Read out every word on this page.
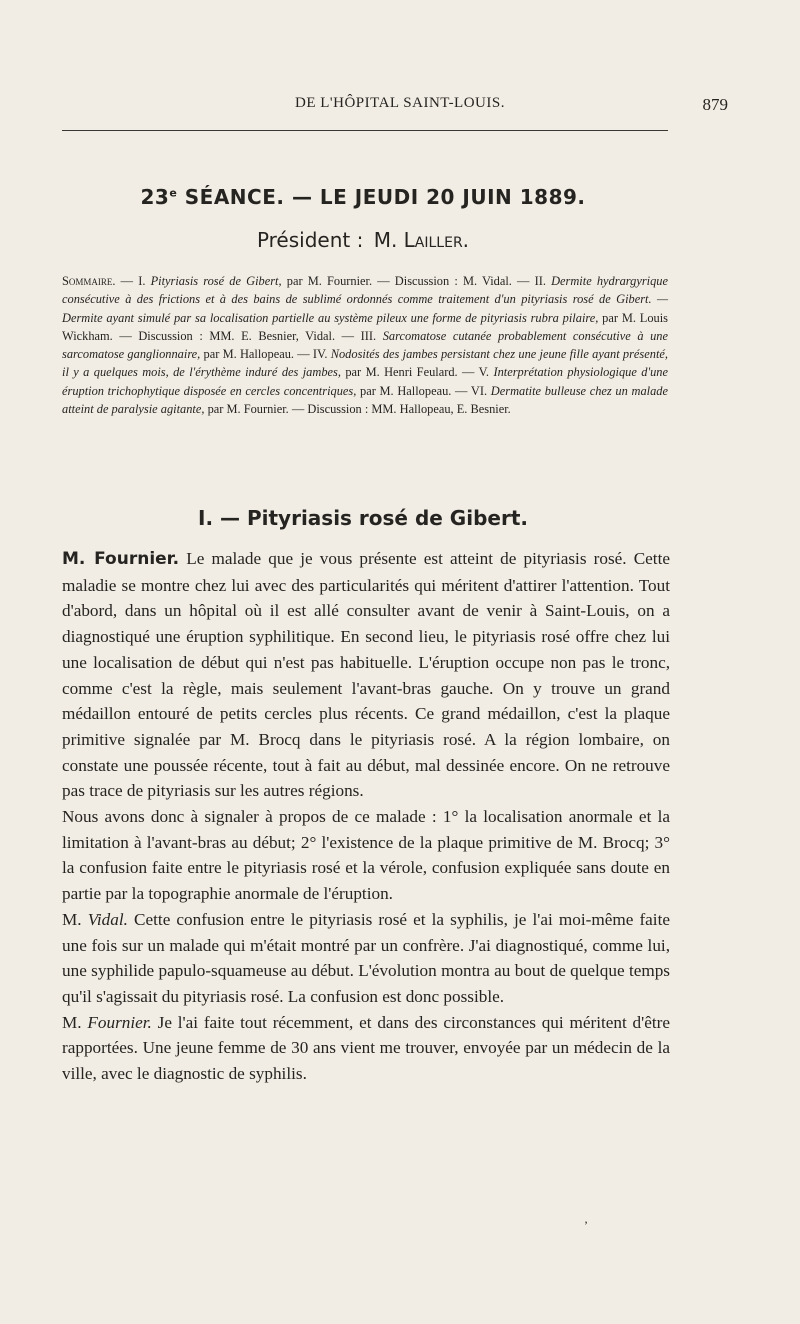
DE L'HÔPITAL SAINT-LOUIS.	879
23e SÉANCE. — LE JEUDI 20 JUIN 1889.
Président : M. Lailler.
Sommaire. — I. Pityriasis rosé de Gibert, par M. Fournier. — Discussion : M. Vidal. — II. Dermite hydrargyrique consécutive à des frictions et à des bains de sublimé ordonnés comme traitement d'un pityriasis rosé de Gibert. — Dermite ayant simulé par sa localisation partielle au système pileux une forme de pityriasis rubra pilaire, par M. Louis Wickham. — Discussion : MM. E. Besnier, Vidal. — III. Sarcomatose cutanée probablement consécutive à une sarcomatose ganglionnaire, par M. Hallopeau. — IV. Nodosités des jambes persistant chez une jeune fille ayant présenté, il y a quelques mois, de l'érythème induré des jambes, par M. Henri Feulard. — V. Interprétation physiologique d'une éruption trichophytique disposée en cercles concentriques, par M. Hallopeau. — VI. Dermatite bulleuse chez un malade atteint de paralysie agitante, par M. Fournier. — Discussion : MM. Hallopeau, E. Besnier.
I. — Pityriasis rosé de Gibert.

M. Fournier. Le malade que je vous présente est atteint de pityriasis rosé. Cette maladie se montre chez lui avec des particularités qui méritent d'attirer l'attention. Tout d'abord, dans un hôpital où il est allé consulter avant de venir à Saint-Louis, on a diagnostiqué une éruption syphilitique. En second lieu, le pityriasis rosé offre chez lui une localisation de début qui n'est pas habituelle. L'éruption occupe non pas le tronc, comme c'est la règle, mais seulement l'avant-bras gauche. On y trouve un grand médaillon entouré de petits cercles plus récents. Ce grand médaillon, c'est la plaque primitive signalée par M. Brocq dans le pityriasis rosé. A la région lombaire, on constate une poussée récente, tout à fait au début, mal dessinée encore. On ne retrouve pas trace de pityriasis sur les autres régions.

Nous avons donc à signaler à propos de ce malade : 1° la localisation anormale et la limitation à l'avant-bras au début; 2° l'existence de la plaque primitive de M. Brocq; 3° la confusion faite entre le pityriasis rosé et la vérole, confusion expliquée sans doute en partie par la topographie anormale de l'éruption.

M. Vidal. Cette confusion entre le pityriasis rosé et la syphilis, je l'ai moi-même faite une fois sur un malade qui m'était montré par un confrère. J'ai diagnostiqué, comme lui, une syphilide papulo-squameuse au début. L'évolution montra au bout de quelque temps qu'il s'agissait du pityriasis rosé. La confusion est donc possible.

M. Fournier. Je l'ai faite tout récemment, et dans des circonstances qui méritent d'être rapportées. Une jeune femme de 30 ans vient me trouver, envoyée par un médecin de la ville, avec le diagnostic de syphilis.

’
